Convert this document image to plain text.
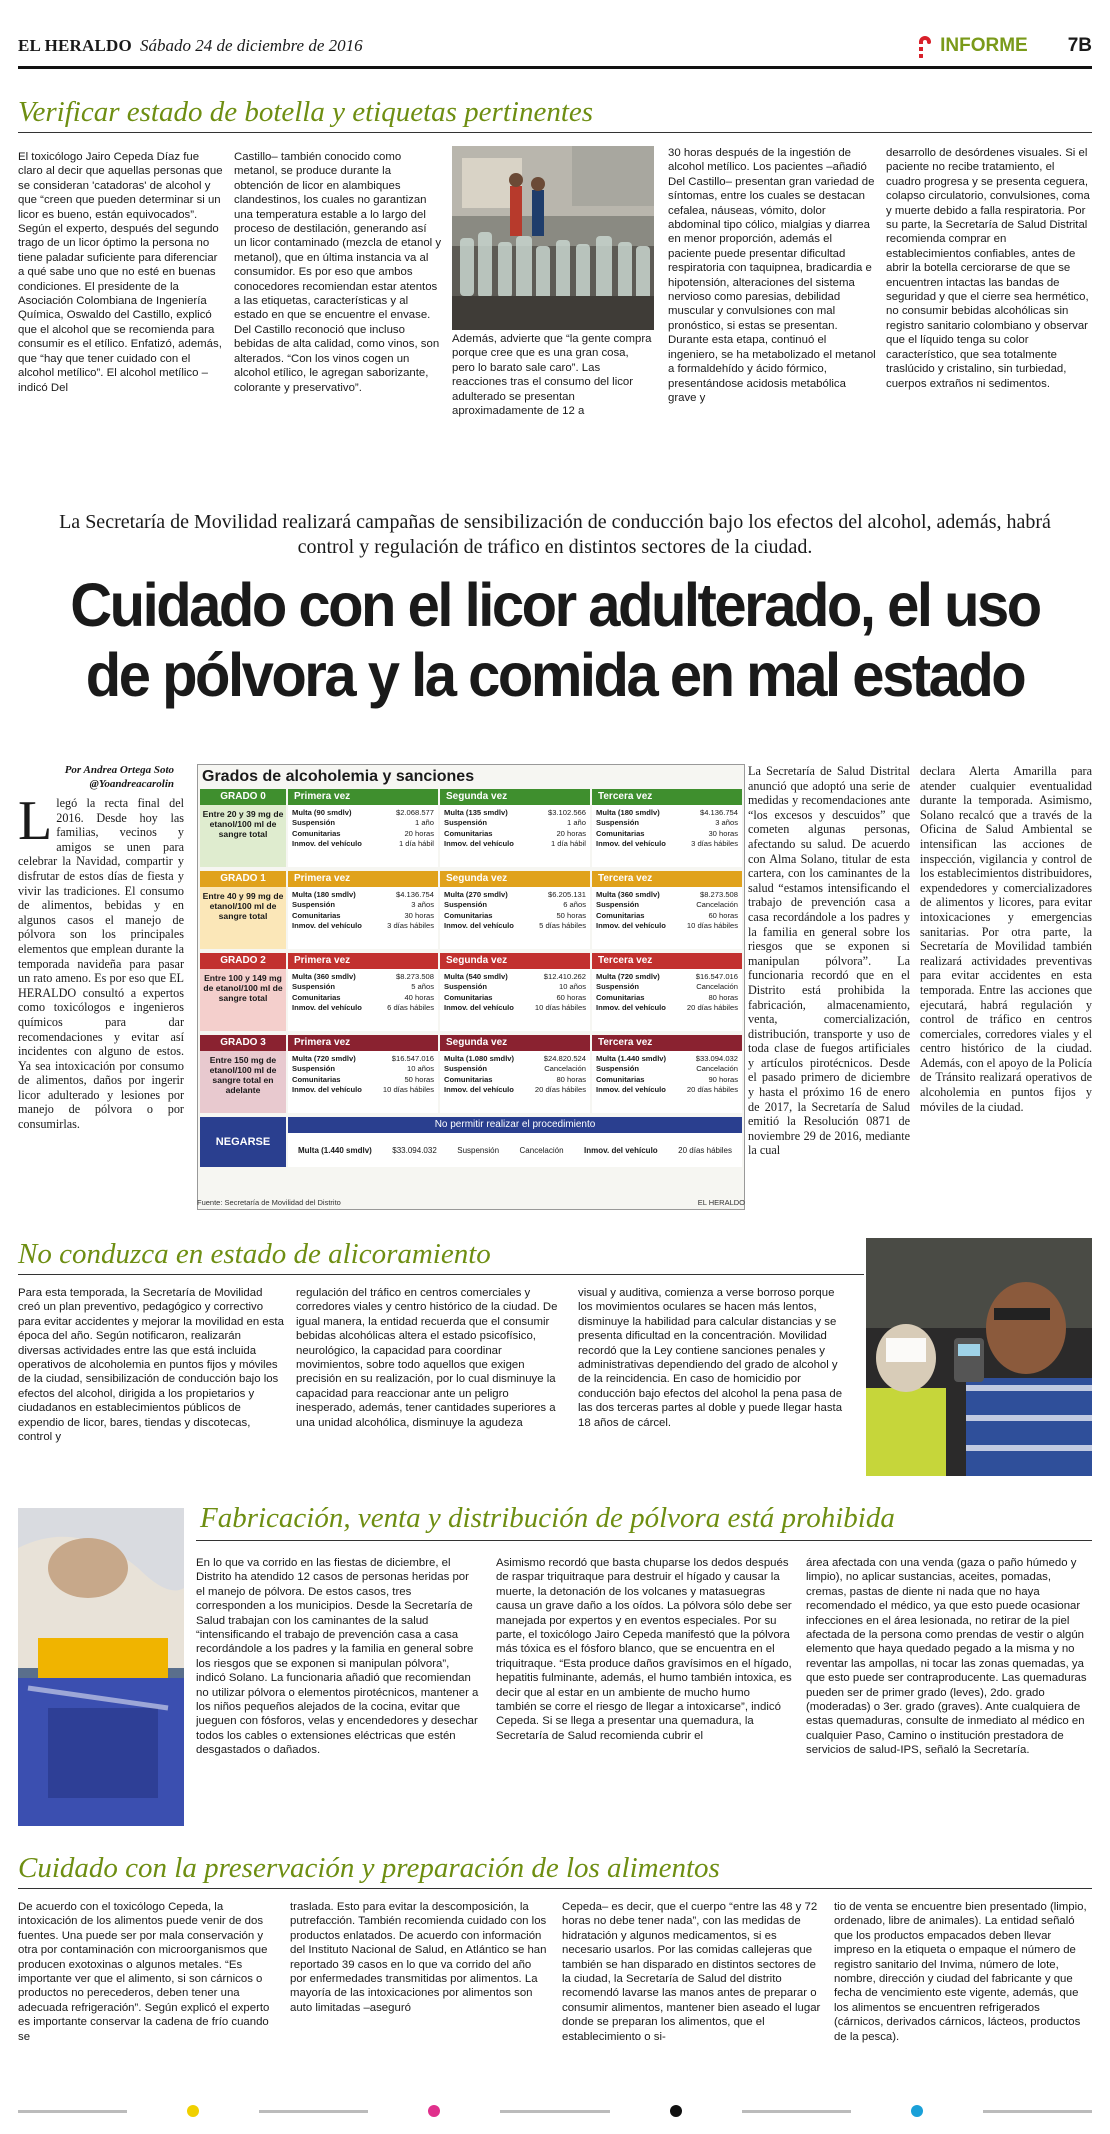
EL HERALDO Sábado 24 de diciembre de 2016	INFORME 7B
Verificar estado de botella y etiquetas pertinentes
El toxicólogo Jairo Cepeda Díaz fue claro al decir que aquellas personas que se consideran 'catadoras' de alcohol y que “creen que pueden determinar si un licor es bueno, están equivocados”. Según el experto, después del segundo trago de un licor óptimo la persona no tiene paladar suficiente para diferenciar a qué sabe uno que no esté en buenas condiciones. El presidente de la Asociación Colombiana de Ingeniería Química, Oswaldo del Castillo, explicó que el alcohol que se recomienda para consumir es el etílico. Enfatizó, además, que “hay que tener cuidado con el alcohol metílico”. El alcohol metílico –indicó Del
Castillo– también conocido como metanol, se produce durante la obtención de licor en alambiques clandestinos, los cuales no garantizan una temperatura estable a lo largo del proceso de destilación, generando así un licor contaminado (mezcla de etanol y metanol), que en última instancia va al consumidor. Es por eso que ambos conocedores recomiendan estar atentos a las etiquetas, características y al estado en que se encuentre el envase. Del Castillo reconoció que incluso bebidas de alta calidad, como vinos, son alterados. “Con los vinos cogen un alcohol etílico, le agregan saborizante, colorante y preservativo”.
Además, advierte que “la gente compra porque cree que es una gran cosa, pero lo barato sale caro”. Las reacciones tras el consumo del licor adulterado se presentan aproximadamente de 12 a
30 horas después de la ingestión de alcohol metílico. Los pacientes –añadió Del Castillo– presentan gran variedad de síntomas, entre los cuales se destacan cefalea, náuseas, vómito, dolor abdominal tipo cólico, mialgias y diarrea en menor proporción, además el paciente puede presentar dificultad respiratoria con taquipnea, bradicardia e hipotensión, alteraciones del sistema nervioso como paresias, debilidad muscular y convulsiones con mal pronóstico, si estas se presentan. Durante esta etapa, continuó el ingeniero, se ha metabolizado el metanol a formaldehído y ácido fórmico, presentándose acidosis metabólica grave y
desarrollo de desórdenes visuales. Si el paciente no recibe tratamiento, el cuadro progresa y se presenta ceguera, colapso circulatorio, convulsiones, coma y muerte debido a falla respiratoria. Por su parte, la Secretaría de Salud Distrital recomienda comprar en establecimientos confiables, antes de abrir la botella cerciorarse de que se encuentren intactas las bandas de seguridad y que el cierre sea hermético, no consumir bebidas alcohólicas sin registro sanitario colombiano y observar que el líquido tenga su color característico, que sea totalmente traslúcido y cristalino, sin turbiedad, cuerpos extraños ni sedimentos.
La Secretaría de Movilidad realizará campañas de sensibilización de conducción bajo los efectos del alcohol, además, habrá control y regulación de tráfico en distintos sectores de la ciudad.
Cuidado con el licor adulterado, el uso de pólvora y la comida en mal estado
Por Andrea Ortega Soto
@Yoandreacarolin
Llegó la recta final del 2016. Desde hoy las familias, vecinos y amigos se unen para celebrar la Navidad, compartir y disfrutar de estos días de fiesta y vivir las tradiciones. El consumo de alimentos, bebidas y en algunos casos el manejo de pólvora son los principales elementos que emplean durante la temporada navideña para pasar un rato ameno. Es por eso que EL HERALDO consultó a expertos como toxicólogos e ingenieros químicos para dar recomendaciones y evitar así incidentes con alguno de estos. Ya sea intoxicación por consumo de alimentos, daños por ingerir licor adulterado y lesiones por manejo de pólvora o por consumirlas.
Grados de alcoholemia y sanciones
GRADO 0
Entre 20 y 39 mg de etanol/100 ml de sangre total
Primera vez
Multa (90 smdlv)	$2.068.577
Suspensión	1 año
Comunitarias	20 horas
Inmov. del vehículo	1 día hábil
Segunda vez
Multa (135 smdlv)	$3.102.566
Suspensión	1 año
Comunitarias	20 horas
Inmov. del vehículo	1 día hábil
Tercera vez
Multa (180 smdlv)	$4.136.754
Suspensión	3 años
Comunitarias	30 horas
Inmov. del vehículo	3 días hábiles
GRADO 1
Entre 40 y 99 mg de etanol/100 ml de sangre total
Primera vez
Multa (180 smdlv)	$4.136.754
Suspensión	3 años
Comunitarias	30 horas
Inmov. del vehículo	3 días hábiles
Segunda vez
Multa (270 smdlv)	$6.205.131
Suspensión	6 años
Comunitarias	50 horas
Inmov. del vehículo	5 días hábiles
Tercera vez
Multa (360 smdlv)	$8.273.508
Suspensión	Cancelación
Comunitarias	60 horas
Inmov. del vehículo	10 días hábiles
GRADO 2
Entre 100 y 149 mg de etanol/100 ml de sangre total
Primera vez
Multa (360 smdlv)	$8.273.508
Suspensión	5 años
Comunitarias	40 horas
Inmov. del vehículo	6 días hábiles
Segunda vez
Multa (540 smdlv)	$12.410.262
Suspensión	10 años
Comunitarias	60 horas
Inmov. del vehículo	10 días hábiles
Tercera vez
Multa (720 smdlv)	$16.547.016
Suspensión	Cancelación
Comunitarias	80 horas
Inmov. del vehículo	20 días hábiles
GRADO 3
Entre 150 mg de etanol/100 ml de sangre total en adelante
Primera vez
Multa (720 smdlv)	$16.547.016
Suspensión	10 años
Comunitarias	50 horas
Inmov. del vehículo	10 días hábiles
Segunda vez
Multa (1.080 smdlv)	$24.820.524
Suspensión	Cancelación
Comunitarias	80 horas
Inmov. del vehículo	20 días hábiles
Tercera vez
Multa (1.440 smdlv)	$33.094.032
Suspensión	Cancelación
Comunitarias	90 horas
Inmov. del vehículo	20 días hábiles
NEGARSE
No permitir realizar el procedimiento
Multa (1.440 smdlv)	$33.094.032	Suspensión	Cancelación	Inmov. del vehículo	20 días hábiles
Fuente: Secretaría de Movilidad del Distrito	EL HERALDO
La Secretaría de Salud Distrital anunció que adoptó una serie de medidas y recomendaciones ante “los excesos y descuidos” que cometen algunas personas, afectando su salud. De acuerdo con Alma Solano, titular de esta cartera, con los caminantes de la salud “estamos intensificando el trabajo de prevención casa a casa recordándole a los padres y la familia en general sobre los riesgos que se exponen si manipulan pólvora”. La funcionaria recordó que en el Distrito está prohibida la fabricación, almacenamiento, venta, comercialización, distribución, transporte y uso de toda clase de fuegos artificiales y artículos pirotécnicos. Desde el pasado primero de diciembre y hasta el próximo 16 de enero de 2017, la Secretaría de Salud emitió la Resolución 0871 de noviembre 29 de 2016, mediante la cual
declara Alerta Amarilla para atender cualquier eventualidad durante la temporada. Asimismo, Solano recalcó que a través de la Oficina de Salud Ambiental se intensifican las acciones de inspección, vigilancia y control de los establecimientos distribuidores, expendedores y comercializadores de alimentos y licores, para evitar intoxicaciones y emergencias sanitarias. Por otra parte, la Secretaría de Movilidad también realizará actividades preventivas para evitar accidentes en esta temporada. Entre las acciones que ejecutará, habrá regulación y control de tráfico en centros comerciales, corredores viales y el centro histórico de la ciudad. Además, con el apoyo de la Policía de Tránsito realizará operativos de alcoholemia en puntos fijos y móviles de la ciudad.
No conduzca en estado de alicoramiento
Para esta temporada, la Secretaría de Movilidad creó un plan preventivo, pedagógico y correctivo para evitar accidentes y mejorar la movilidad en esta época del año. Según notificaron, realizarán diversas actividades entre las que está incluida operativos de alcoholemia en puntos fijos y móviles de la ciudad, sensibilización de conducción bajo los efectos del alcohol, dirigida a los propietarios y ciudadanos en establecimientos públicos de expendio de licor, bares, tiendas y discotecas, control y
regulación del tráfico en centros comerciales y corredores viales y centro histórico de la ciudad. De igual manera, la entidad recuerda que el consumir bebidas alcohólicas altera el estado psicofísico, neurológico, la capacidad para coordinar movimientos, sobre todo aquellos que exigen precisión en su realización, por lo cual disminuye la capacidad para reaccionar ante un peligro inesperado, además, tener cantidades superiores a una unidad alcohólica, disminuye la agudeza
visual y auditiva, comienza a verse borroso porque los movimientos oculares se hacen más lentos, disminuye la habilidad para calcular distancias y se presenta dificultad en la concentración. Movilidad recordó que la Ley contiene sanciones penales y administrativas dependiendo del grado de alcohol y de la reincidencia. En caso de homicidio por conducción bajo efectos del alcohol la pena pasa de las dos terceras partes al doble y puede llegar hasta 18 años de cárcel.
Fabricación, venta y distribución de pólvora está prohibida
En lo que va corrido en las fiestas de diciembre, el Distrito ha atendido 12 casos de personas heridas por el manejo de pólvora. De estos casos, tres corresponden a los municipios. Desde la Secretaría de Salud trabajan con los caminantes de la salud “intensificando el trabajo de prevención casa a casa recordándole a los padres y la familia en general sobre los riesgos que se exponen si manipulan pólvora”, indicó Solano. La funcionaria añadió que recomiendan no utilizar pólvora o elementos pirotécnicos, mantener a los niños pequeños alejados de la cocina, evitar que jueguen con fósforos, velas y encendedores y desechar todos los cables o extensiones eléctricas que estén desgastados o dañados.
Asimismo recordó que basta chuparse los dedos después de raspar triquitraque para destruir el hígado y causar la muerte, la detonación de los volcanes y matasuegras causa un grave daño a los oídos. La pólvora sólo debe ser manejada por expertos y en eventos especiales. Por su parte, el toxicólogo Jairo Cepeda manifestó que la pólvora más tóxica es el fósforo blanco, que se encuentra en el triquitraque. “Esta produce daños gravísimos en el hígado, hepatitis fulminante, además, el humo también intoxica, es decir que al estar en un ambiente de mucho humo también se corre el riesgo de llegar a intoxicarse”, indicó Cepeda. Si se llega a presentar una quemadura, la Secretaría de Salud recomienda cubrir el
área afectada con una venda (gaza o paño húmedo y limpio), no aplicar sustancias, aceites, pomadas, cremas, pastas de diente ni nada que no haya recomendado el médico, ya que esto puede ocasionar infecciones en el área lesionada, no retirar de la piel afectada de la persona como prendas de vestir o algún elemento que haya quedado pegado a la misma y no reventar las ampollas, ni tocar las zonas quemadas, ya que esto puede ser contraproducente. Las quemaduras pueden ser de primer grado (leves), 2do. grado (moderadas) o 3er. grado (graves). Ante cualquiera de estas quemaduras, consulte de inmediato al médico en cualquier Paso, Camino o institución prestadora de servicios de salud-IPS, señaló la Secretaría.
Cuidado con la preservación y preparación de los alimentos
De acuerdo con el toxicólogo Cepeda, la intoxicación de los alimentos puede venir de dos fuentes. Una puede ser por mala conservación y otra por contaminación con microorganismos que producen exotoxinas o algunos metales. “Es importante ver que el alimento, si son cárnicos o productos no perecederos, deben tener una adecuada refrigeración”. Según explicó el experto es importante conservar la cadena de frío cuando se
traslada. Esto para evitar la descomposición, la putrefacción. También recomienda cuidado con los productos enlatados. De acuerdo con información del Instituto Nacional de Salud, en Atlántico se han reportado 39 casos en lo que va corrido del año por enfermedades transmitidas por alimentos. La mayoría de las intoxicaciones por alimentos son auto limitadas –aseguró
Cepeda– es decir, que el cuerpo “entre las 48 y 72 horas no debe tener nada”, con las medidas de hidratación y algunos medicamentos, si es necesario usarlos. Por las comidas callejeras que también se han disparado en distintos sectores de la ciudad, la Secretaría de Salud del distrito recomendó lavarse las manos antes de preparar o consumir alimentos, mantener bien aseado el lugar donde se preparan los alimentos, que el establecimiento o si-
tio de venta se encuentre bien presentado (limpio, ordenado, libre de animales). La entidad señaló que los productos empacados deben llevar impreso en la etiqueta o empaque el número de registro sanitario del Invima, número de lote, nombre, dirección y ciudad del fabricante y que fecha de vencimiento este vigente, además, que los alimentos se encuentren refrigerados (cárnicos, derivados cárnicos, lácteos, productos de la pesca).
